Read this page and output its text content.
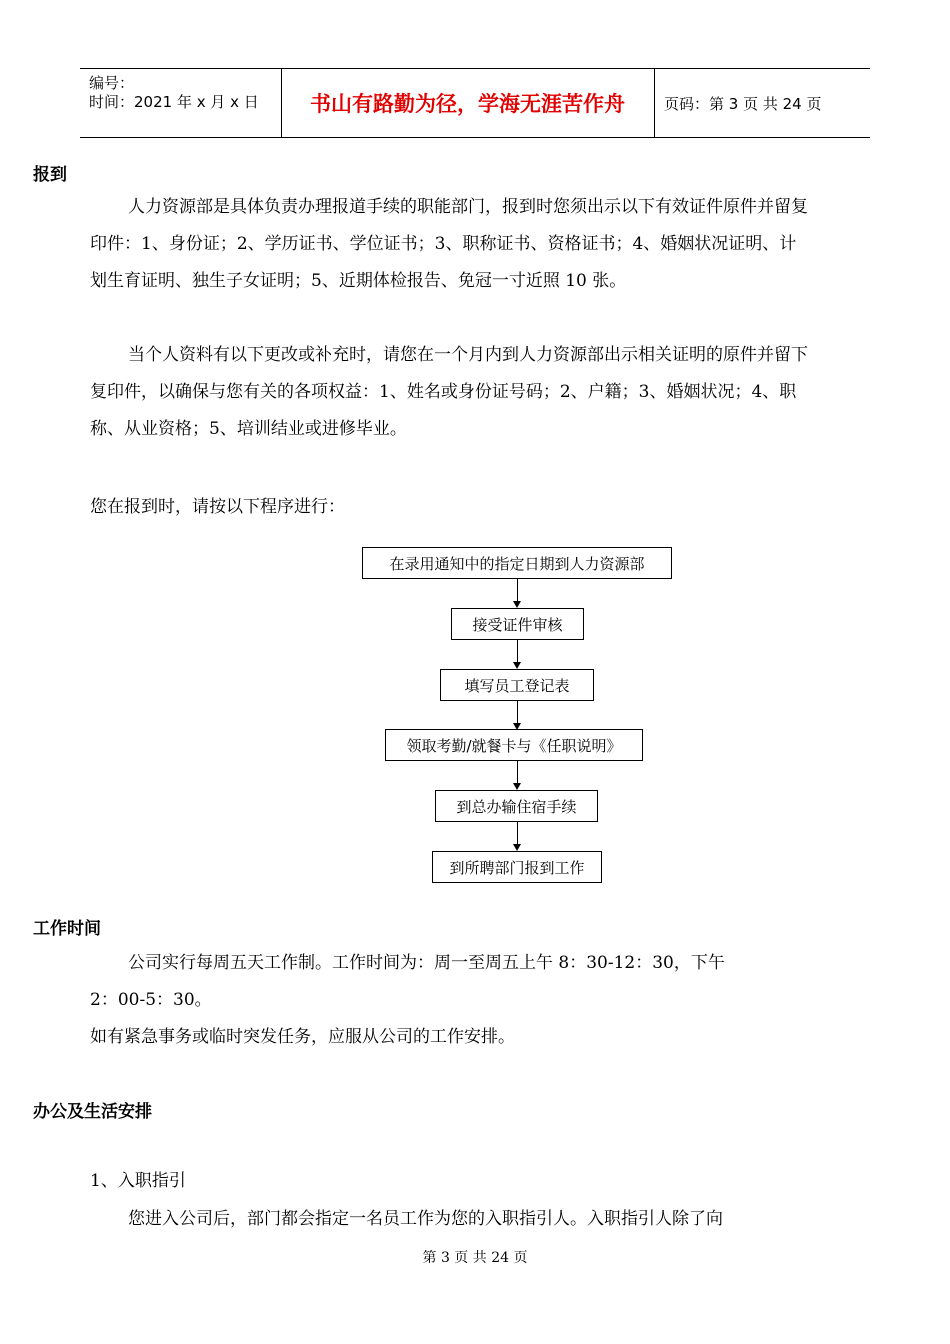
编号：
时间：2021 年 x 月 x 日	书山有路勤为径，学海无涯苦作舟	页码：第 3 页 共 24 页
报到
人力资源部是具体负责办理报道手续的职能部门，报到时您须出示以下有效证件原件并留复印件：1、身份证；2、学历证书、学位证书；3、职称证书、资格证书；4、婚姻状况证明、计划生育证明、独生子女证明；5、近期体检报告、免冠一寸近照 10 张。
当个人资料有以下更改或补充时，请您在一个月内到人力资源部出示相关证明的原件并留下复印件，以确保与您有关的各项权益：1、姓名或身份证号码；2、户籍；3、婚姻状况；4、职称、从业资格；5、培训结业或进修毕业。
您在报到时，请按以下程序进行：
在录用通知中的指定日期到人力资源部
接受证件审核
填写员工登记表
领取考勤/就餐卡与《任职说明》
到总办输住宿手续
到所聘部门报到工作
工作时间
公司实行每周五天工作制。工作时间为：周一至周五上午 8：30-12：30，下午
2：00-5：30。
如有紧急事务或临时突发任务，应服从公司的工作安排。
办公及生活安排
1、入职指引
您进入公司后，部门都会指定一名员工作为您的入职指引人。入职指引人除了向
第 3 页 共 24 页
